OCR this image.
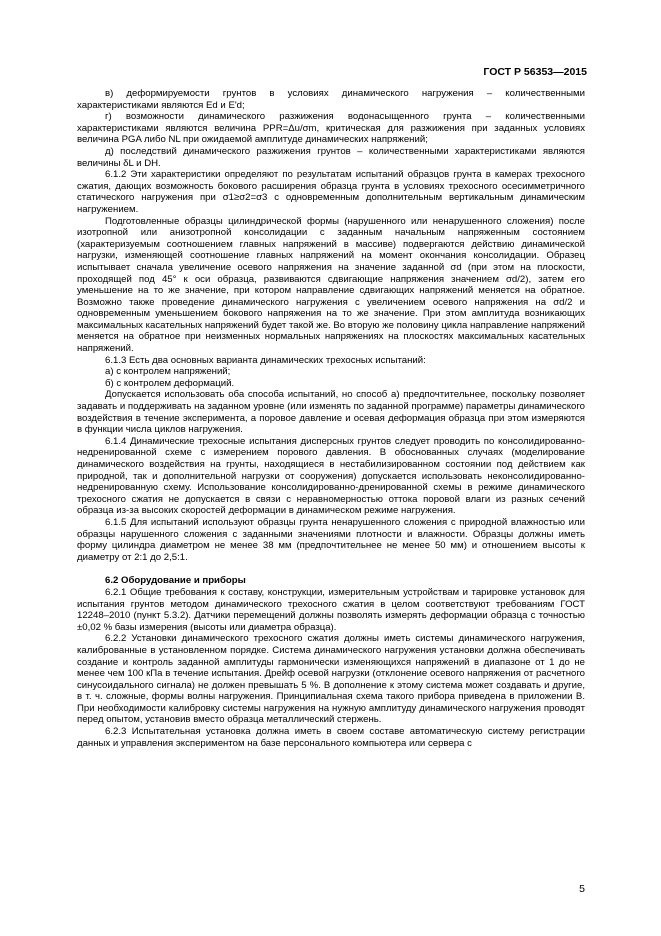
ГОСТ Р 56353—2015

в) деформируемости грунтов в условиях динамического нагружения – количественными характеристиками являются Ed и E'd;

г) возможности динамического разжижения водонасыщенного грунта – количественными характеристиками являются величина PPR=Δu/σm, критическая для разжижения при заданных условиях величина PGA либо NL при ожидаемой амплитуде динамических напряжений;

д) последствий динамического разжижения грунтов – количественными характеристиками являются величины δL и DH.

6.1.2 Эти характеристики определяют по результатам испытаний образцов грунта в камерах трехосного сжатия, дающих возможность бокового расширения образца грунта в условиях трехосного осесимметричного статического нагружения при σ1≥σ2=σ3 с одновременным дополнительным вертикальным динамическим нагружением.

Подготовленные образцы цилиндрической формы (нарушенного или ненарушенного сложения) после изотропной или анизотропной консолидации с заданным начальным напряженным состоянием (характеризуемым соотношением главных напряжений в массиве) подвергаются действию динамической нагрузки, изменяющей соотношение главных напряжений на момент окончания консолидации. Образец испытывает сначала увеличение осевого напряжения на значение заданной σd (при этом на плоскости, проходящей под 45° к оси образца, развиваются сдвигающие напряжения значением σd/2), затем его уменьшение на то же значение, при котором направление сдвигающих напряжений меняется на обратное. Возможно также проведение динамического нагружения с увеличением осевого напряжения на σd/2 и одновременным уменьшением бокового напряжения на то же значение. При этом амплитуда возникающих максимальных касательных напряжений будет такой же. Во вторую же половину цикла направление напряжений меняется на обратное при неизменных нормальных напряжениях на плоскостях максимальных касательных напряжений.

6.1.3 Есть два основных варианта динамических трехосных испытаний:

а) с контролем напряжений;

б) с контролем деформаций.

Допускается использовать оба способа испытаний, но способ а) предпочтительнее, поскольку позволяет задавать и поддерживать на заданном уровне (или изменять по заданной программе) параметры динамического воздействия в течение эксперимента, а поровое давление и осевая деформация образца при этом измеряются в функции числа циклов нагружения.

6.1.4 Динамические трехосные испытания дисперсных грунтов следует проводить по консолидированно-недренированной схеме с измерением порового давления. В обоснованных случаях (моделирование динамического воздействия на грунты, находящиеся в нестабилизированном состоянии под действием как природной, так и дополнительной нагрузки от сооружения) допускается использовать неконсолидированно-недренированную схему. Использование консолидированно-дренированной схемы в режиме динамического трехосного сжатия не допускается в связи с неравномерностью оттока поровой влаги из разных сечений образца из-за высоких скоростей деформации в динамическом режиме нагружения.

6.1.5 Для испытаний используют образцы грунта ненарушенного сложения с природной влажностью или образцы нарушенного сложения с заданными значениями плотности и влажности. Образцы должны иметь форму цилиндра диаметром не менее 38 мм (предпочтительнее не менее 50 мм) и отношением высоты к диаметру от 2:1 до 2,5:1.

6.2 Оборудование и приборы

6.2.1 Общие требования к составу, конструкции, измерительным устройствам и тарировке установок для испытания грунтов методом динамического трехосного сжатия в целом соответствуют требованиям ГОСТ 12248–2010 (пункт 5.3.2). Датчики перемещений должны позволять измерять деформации образца с точностью ±0,02 % базы измерения (высоты или диаметра образца).

6.2.2 Установки динамического трехосного сжатия должны иметь системы динамического нагружения, калиброванные в установленном порядке. Система динамического нагружения установки должна обеспечивать создание и контроль заданной амплитуды гармонически изменяющихся напряжений в диапазоне от 1 до не менее чем 100 кПа в течение испытания. Дрейф осевой нагрузки (отклонение осевого напряжения от расчетного синусоидального сигнала) не должен превышать 5 %. В дополнение к этому система может создавать и другие, в т. ч. сложные, формы волны нагружения. Принципиальная схема такого прибора приведена в приложении В. При необходимости калибровку системы нагружения на нужную амплитуду динамического нагружения проводят перед опытом, установив вместо образца металлический стержень.

6.2.3 Испытательная установка должна иметь в своем составе автоматическую систему регистрации данных и управления экспериментом на базе персонального компьютера или сервера с

5
